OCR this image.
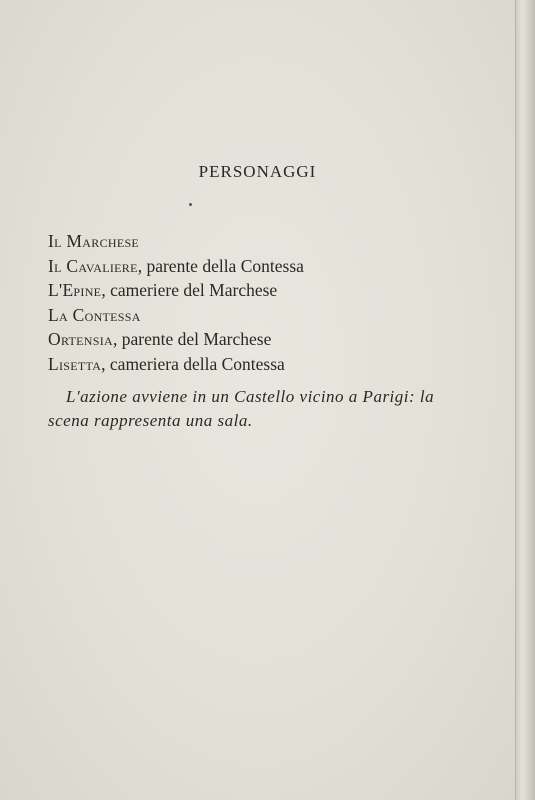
PERSONAGGI
Il Marchese
Il Cavaliere, parente della Contessa
L'Epine, cameriere del Marchese
La Contessa
Ortensia, parente del Marchese
Lisetta, cameriera della Contessa

L'azione avviene in un Castello vicino a Parigi: la scena rappresenta una sala.
